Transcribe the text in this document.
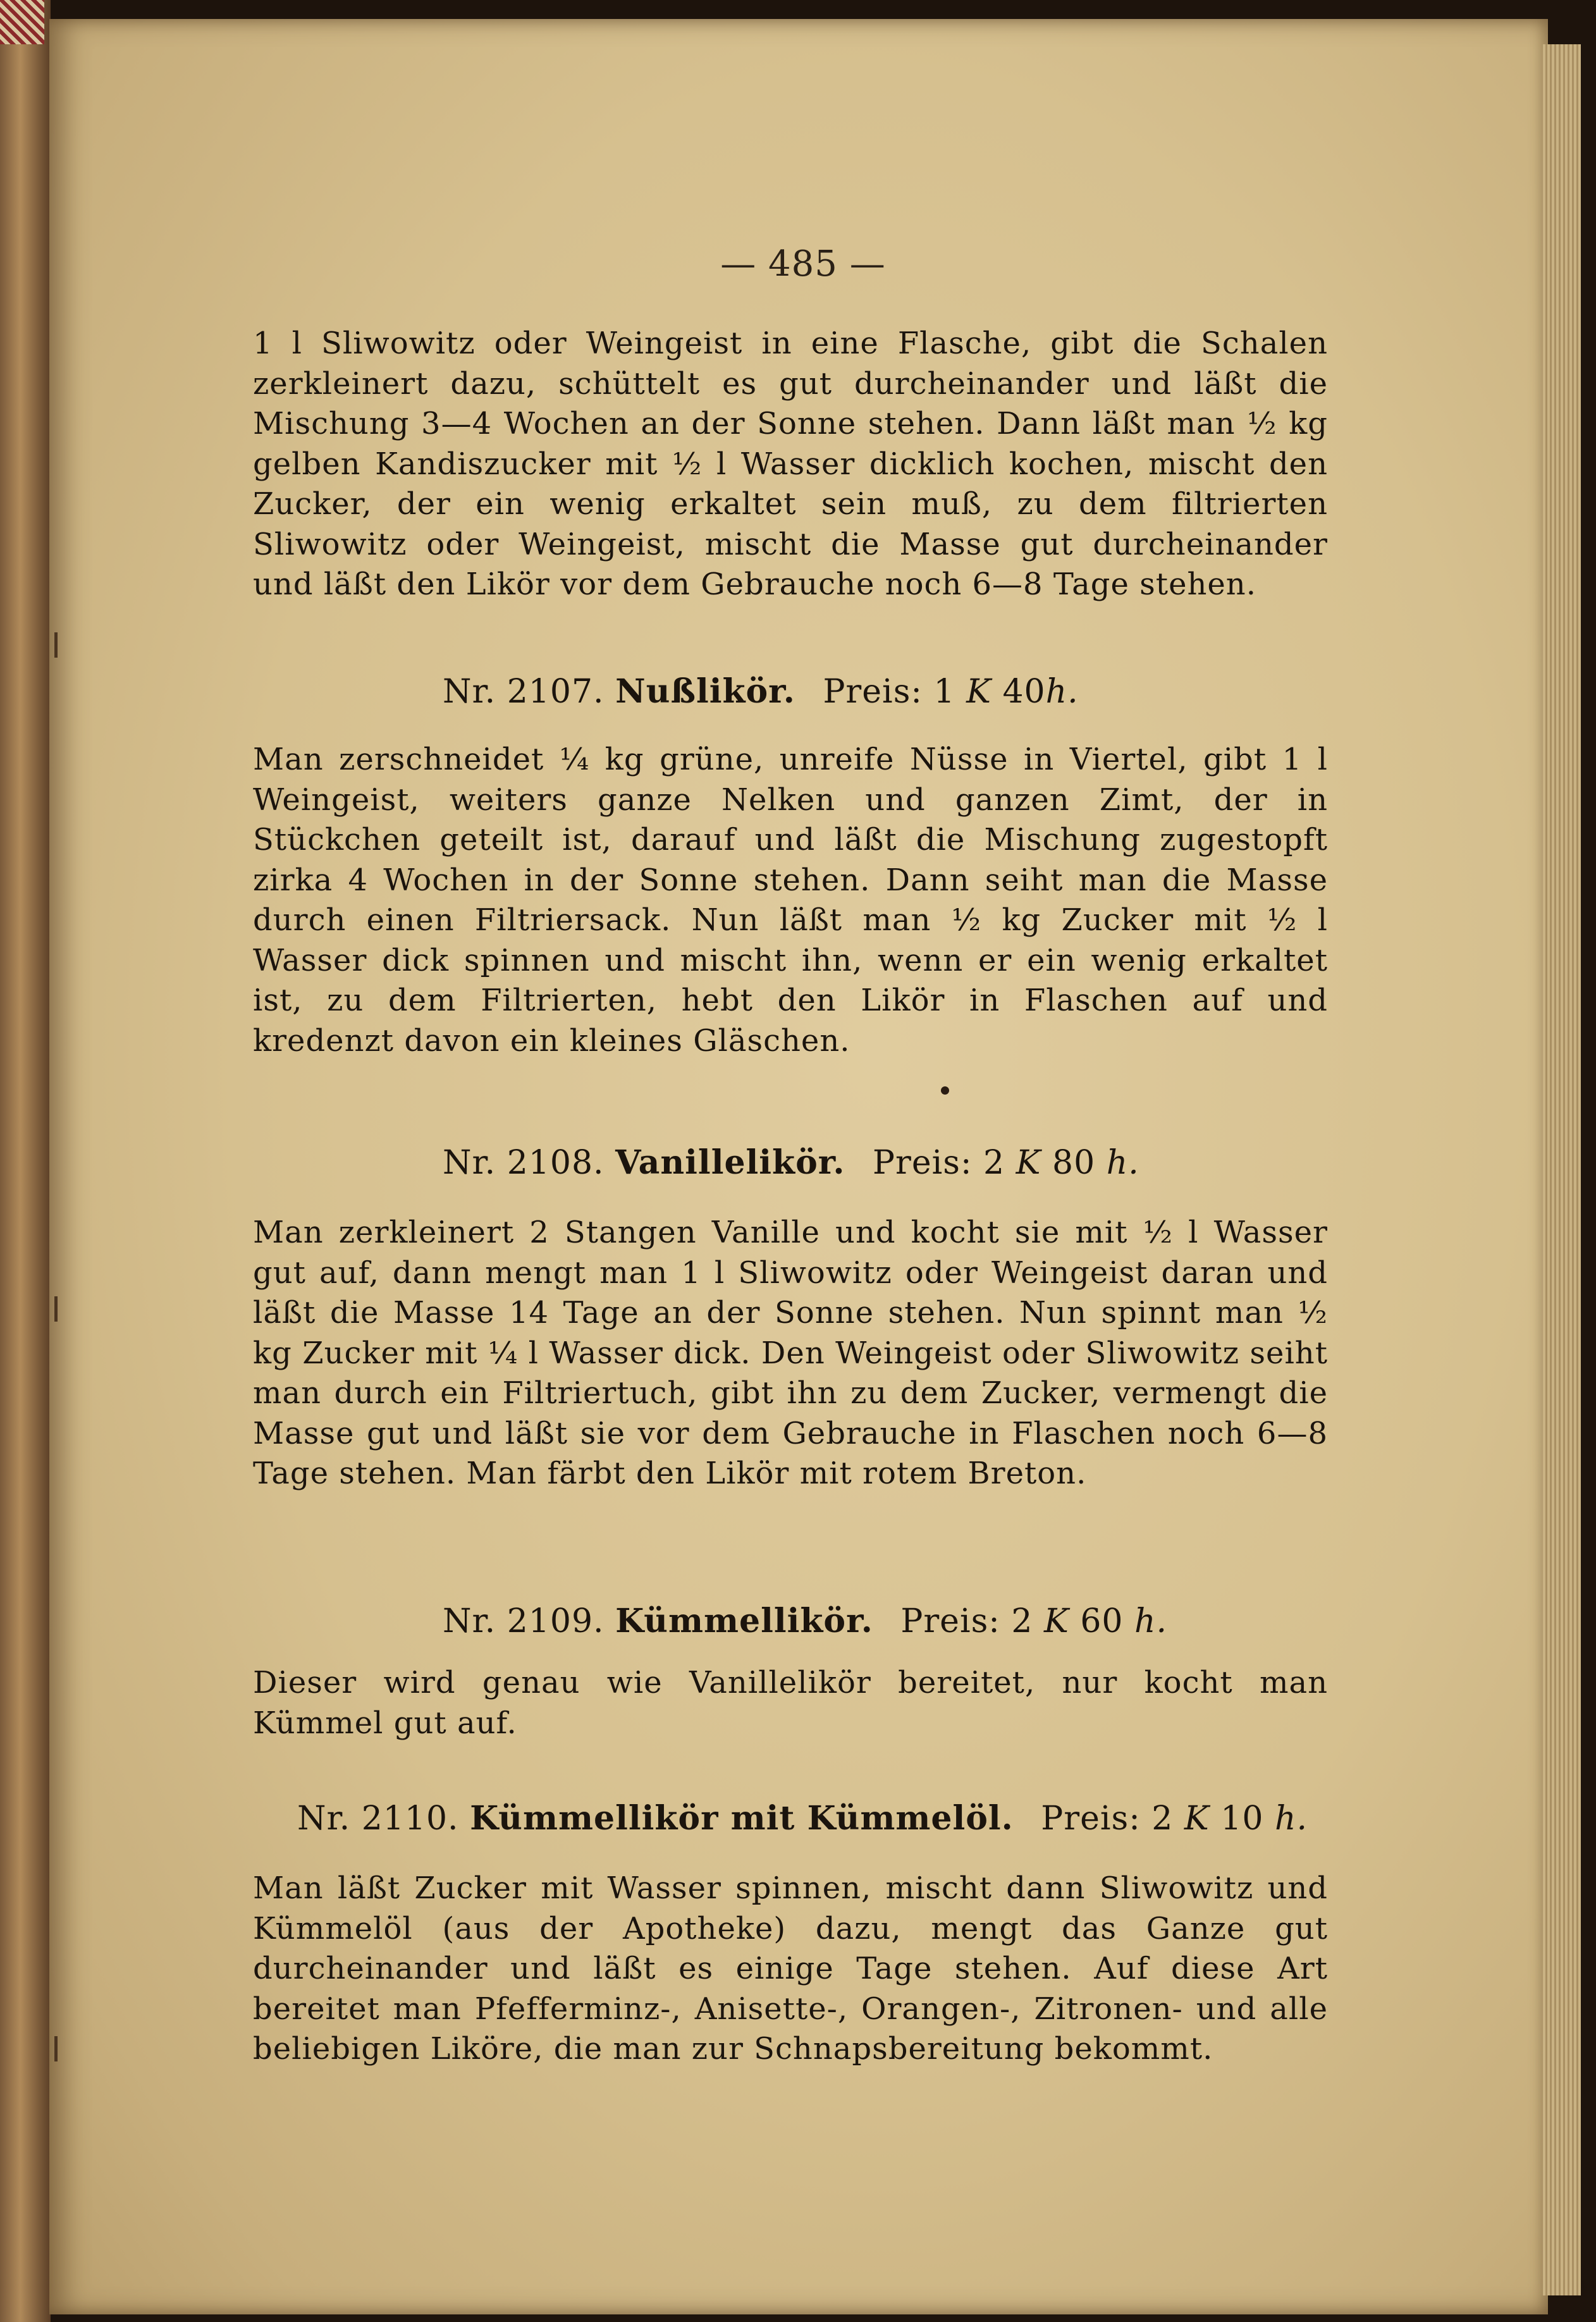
— 485 —
1 l Sliwowitz oder Weingeist in eine Flasche, gibt die Schalen zerkleinert dazu, schüttelt es gut durcheinander und läßt die Mischung 3—4 Wochen an der Sonne stehen. Dann läßt man ½ kg gelben Kandiszucker mit ½ l Wasser dicklich kochen, mischt den Zucker, der ein wenig erkaltet sein muß, zu dem filtrierten Sliwowitz oder Weingeist, mischt die Masse gut durcheinander und läßt den Likör vor dem Gebrauche noch 6—8 Tage stehen.
Nr. 2107. Nußlikör. Preis: 1 K 40h.
Man zerschneidet ¼ kg grüne, unreife Nüsse in Viertel, gibt 1 l Weingeist, weiters ganze Nelken und ganzen Zimt, der in Stückchen geteilt ist, darauf und läßt die Mischung zugestopft zirka 4 Wochen in der Sonne stehen. Dann seiht man die Masse durch einen Filtriersack. Nun läßt man ½ kg Zucker mit ½ l Wasser dick spinnen und mischt ihn, wenn er ein wenig erkaltet ist, zu dem Filtrierten, hebt den Likör in Flaschen auf und kredenzt davon ein kleines Gläschen.
Nr. 2108. Vanillelikör. Preis: 2 K 80 h.
Man zerkleinert 2 Stangen Vanille und kocht sie mit ½ l Wasser gut auf, dann mengt man 1 l Sliwowitz oder Weingeist daran und läßt die Masse 14 Tage an der Sonne stehen. Nun spinnt man ½ kg Zucker mit ¼ l Wasser dick. Den Weingeist oder Sliwowitz seiht man durch ein Filtriertuch, gibt ihn zu dem Zucker, vermengt die Masse gut und läßt sie vor dem Gebrauche in Flaschen noch 6—8 Tage stehen. Man färbt den Likör mit rotem Breton.
Nr. 2109. Kümmellikör. Preis: 2 K 60 h.
Dieser wird genau wie Vanillelikör bereitet, nur kocht man Kümmel gut auf.
Nr. 2110. Kümmellikör mit Kümmelöl. Preis: 2 K 10 h.
Man läßt Zucker mit Wasser spinnen, mischt dann Sliwowitz und Kümmelöl (aus der Apotheke) dazu, mengt das Ganze gut durcheinander und läßt es einige Tage stehen. Auf diese Art bereitet man Pfefferminz-, Anisette-, Orangen-, Zitronen- und alle beliebigen Liköre, die man zur Schnapsbereitung bekommt.
